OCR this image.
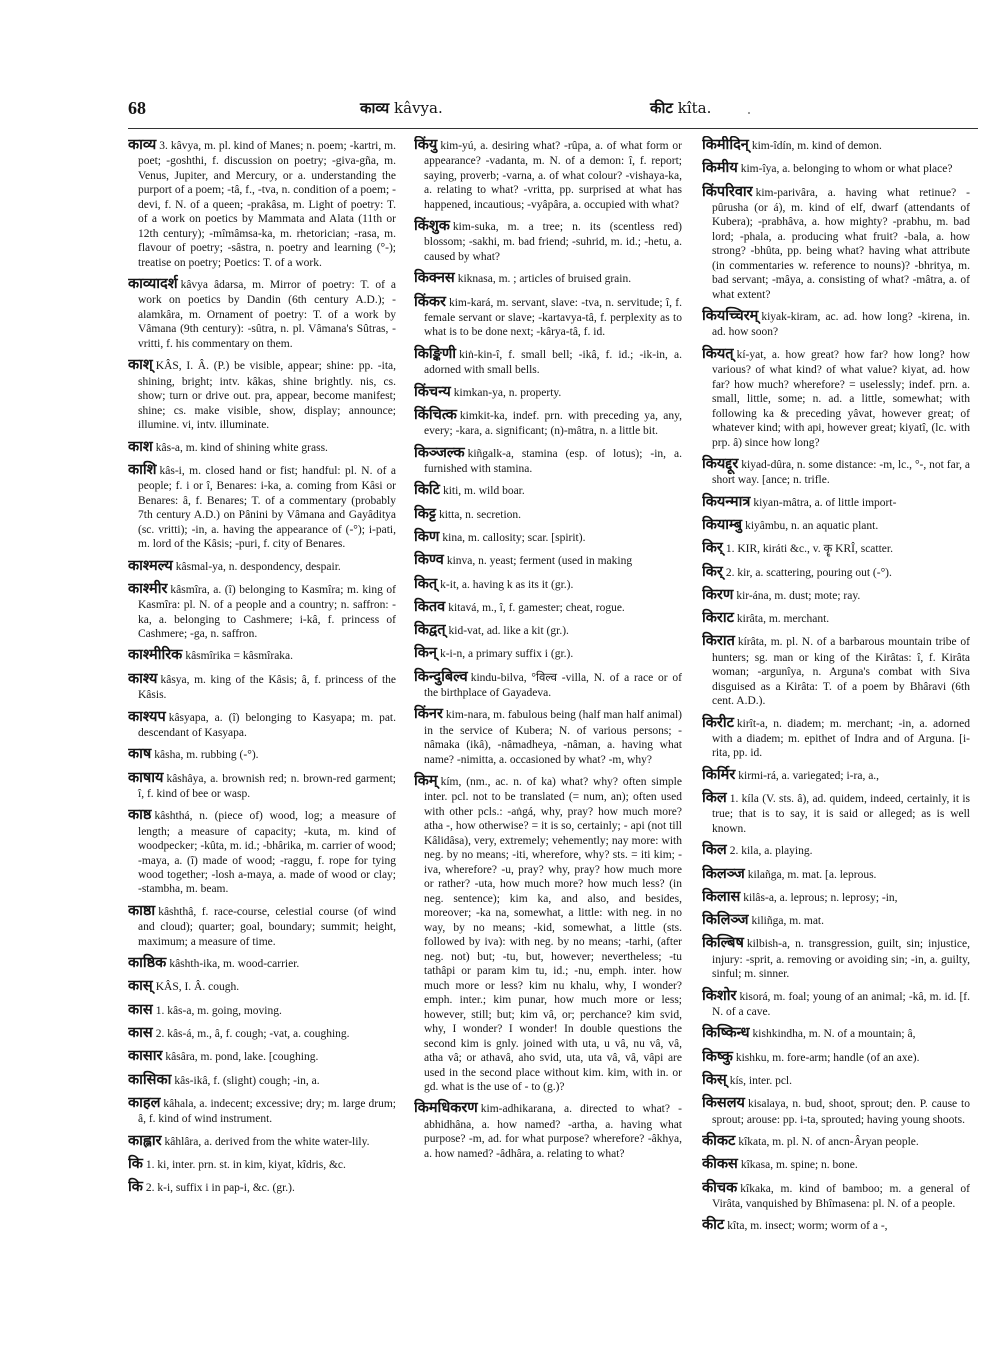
68	काव्य kâvya.	कीट kîta.
काव्य 3. kâvya, m. pl. kind of Manes; n. poem; -kartri, m. poet; -goshthi, f. discussion on poetry; -giva-gña, m. Venus, Jupiter, and Mercury, or a. understanding the purport of a poem; -tâ, f., -tva, n. condition of a poem; -devi, f. N. of a queen; -prakâsa, m. Light of poetry: T. of a work on poetics by Mammata and Alata (11th or 12th century); -mîmâmsa-ka, m. rhetorician; -rasa, m. flavour of poetry; -sâstra, n. poetry and learning (°-); treatise on poetry; Poetics: T. of a work.
काव्यादर्श kâvya âdarsa, m. Mirror of poetry: T. of a work on poetics by Dandin (6th century A.D.); -alamkâra, m. Ornament of poetry: T. of a work by Vâmana (9th century): -sûtra, n. pl. Vâmana's Sûtras, -vritti, f. his commentary on them.
काश् KÂS, I. Â. (P.) be visible, appear; shine: pp. -ita, shining, bright; intv. kâkas, shine brightly. nis, cs. show; turn or drive out. pra, appear, become manifest; shine; cs. make visible, show, display; announce; illumine. vi, intv. illuminate.
काश kâs-a, m. kind of shining white grass.
काशि kâs-i, m. closed hand or fist; handful: pl. N. of a people; f. i or î, Benares: i-ka, a. coming from Kâsi or Benares: â, f. Benares; T. of a commentary (probably 7th century A.D.) on Pânini by Vâmana and Gayâditya (sc. vritti); -in, a. having the appearance of (-°); i-pati, m. lord of the Kâsis; -puri, f. city of Benares.
काश्मल्य kâsmal-ya, n. despondency, despair.
काश्मीर kâsmîra, a. (î) belonging to Kasmîra; m. king of Kasmîra: pl. N. of a people and a country; n. saffron: -ka, a. belonging to Cashmere; i-kâ, f. princess of Cashmere; -ga, n. saffron.
काश्मीरिक kâsmîrika = kâsmîraka.
काश्य kâsya, m. king of the Kâsis; â, f. princess of the Kâsis.
काश्यप kâsyapa, a. (î) belonging to Kasyapa; m. pat. descendant of Kasyapa.
काष kâsha, m. rubbing (-°).
काषाय kâshâya, a. brownish red; n. brown-red garment; î, f. kind of bee or wasp.
काष्ठ kâshthá, n. (piece of) wood, log; a measure of length; a measure of capacity; -kuta, m. kind of woodpecker; -kûta, m. id.; -bhârika, m. carrier of wood; -maya, a. (î) made of wood; -raggu, f. rope for tying wood together; -losh a-maya, a. made of wood or clay; -stambha, m. beam.
काष्ठा kâshthâ, f. race-course, celestial course (of wind and cloud); quarter; goal, boundary; summit; height, maximum; a measure of time.
काष्ठिक kâshth-ika, m. wood-carrier.
कास् KÂS, I. Â. cough.
कास 1. kâs-a, m. going, moving.
कास 2. kâs-á, m., â, f. cough; -vat, a. coughing.
कासार kâsâra, m. pond, lake. [coughing.
कासिका kâs-ikâ, f. (slight) cough; -in, a.
काहल kâhala, a. indecent; excessive; dry; m. large drum; â, f. kind of wind instrument.
काह्लार kâhlâra, a. derived from the white water-lily.
कि 1. ki, inter. prn. st. in kim, kiyat, kîdris, &c.
कि 2. k-i, suffix i in pap-i, &c. (gr.).
किंयु kim-yú, a. desiring what? -rûpa, a. of what form or appearance? -vadanta, m. N. of a demon: î, f. report; saying, proverb; -varna, a. of what colour? -vishaya-ka, a. relating to what? -vritta, pp. surprised at what has happened, incautious; -vyâpâra, a. occupied with what?
किंशुक kim-suka, m. a tree; n. its (scentless red) blossom; -sakhi, m. bad friend; -suhrid, m. id.; -hetu, a. caused by what?
किक्नस kiknasa, m. ; articles of bruised grain.
किंकर kim-kará, m. servant, slave: -tva, n. servitude; î, f. female servant or slave; -kartavya-tâ, f. perplexity as to what is to be done next; -kârya-tâ, f. id.
किङ्किणी kiṅ-kin-î, f. small bell; -ikâ, f. id.; -ik-in, a. adorned with small bells.
किंचन्य kimkan-ya, n. property.
किंचित्क kimkit-ka, indef. prn. with preceding ya, any, every; -kara, a. significant; (n)-mâtra, n. a little bit.
किञ्जल्क kiñgalk-a, stamina (esp. of lotus); -in, a. furnished with stamina.
किटि kiti, m. wild boar.
किट्ट kitta, n. secretion.
किण kina, m. callosity; scar. [spirit).
किण्व kinva, n. yeast; ferment (used in making
कित् k-it, a. having k as its it (gr.).
कितव kitavá, m., î, f. gamester; cheat, rogue.
किद्वत् kid-vat, ad. like a kit (gr.).
किन् k-i-n, a primary suffix i (gr.).
किन्दुबिल्व kindu-bilva, °विल्व -villa, N. of a race or of the birthplace of Gayadeva.
किंनर kim-nara, m. fabulous being (half man half animal) in the service of Kubera; N. of various persons; -nâmaka (ikâ), -nâmadheya, -nâman, a. having what name? -nimitta, a. occasioned by what? -m, why?
किम् kím, (nm., ac. n. of ka) what? why? often simple inter. pcl. not to be translated (= num, an); often used with other pcls.: -aṅgá, why, pray? how much more? atha -, how otherwise? = it is so, certainly; - api (not till Kâlidâsa), very, extremely; vehemently; nay more: with neg. by no means; -iti, wherefore, why? sts. = iti kim; -iva, wherefore? -u, pray? why, pray? how much more or rather? -uta, how much more? how much less? (in neg. sentence); kim ka, and also, and besides, moreover; -ka na, somewhat, a little: with neg. in no way, by no means; -kid, somewhat, a little (sts. followed by iva): with neg. by no means; -tarhi, (after neg. not) but; -tu, but, however; nevertheless; -tu tathâpi or param kim tu, id.; -nu, emph. inter. how much more or less? kim nu khalu, why, I wonder? emph. inter.; kim punar, how much more or less; however, still; but; kim vâ, or; perchance? kim svid, why, I wonder? I wonder! In double questions the second kim is gnly. joined with uta, u vâ, nu vâ, vâ, atha vâ; or athavâ, aho svid, uta, uta vâ, vâ, vâpi are used in the second place without kim. kim, with in. or gd. what is the use of - to (g.)?
किमधिकरण kim-adhikarana, a. directed to what? -abhidhâna, a. how named? -artha, a. having what purpose? -m, ad. for what purpose? wherefore? -âkhya, a. how named? -âdhâra, a. relating to what?
किमीदिन् kim-îdín, m. kind of demon.
किमीय kim-îya, a. belonging to whom or what place?
किंपरिवार kim-parivâra, a. having what retinue? -pûrusha (or á), m. kind of elf, dwarf (attendants of Kubera); -prabhâva, a. how mighty? -prabhu, m. bad lord; -phala, a. producing what fruit? -bala, a. how strong? -bhûta, pp. being what? having what attribute (in commentaries w. reference to nouns)? -bhritya, m. bad servant; -mâya, a. consisting of what? -mâtra, a. of what extent?
कियच्चिरम् kiyak-kiram, ac. ad. how long? -kirena, in. ad. how soon?
कियत् kí-yat, a. how great? how far? how long? how various? of what kind? of what value? kiyat, ad. how far? how much? wherefore? = uselessly; indef. prn. a. small, little, some; n. ad. a little, somewhat; with following ka & preceding yâvat, however great; of whatever kind; with api, however great; kiyatî, (lc. with prp. â) since how long?
कियद्दूर kiyad-dûra, n. some distance: -m, lc., °-, not far, a short way. [ance; n. trifle.
कियन्मात्र kiyan-mâtra, a. of little import-
कियाम्बु kiyâmbu, n. an aquatic plant.
किर् 1. KIR, kiráti &c., v. कॄ KRÎ, scatter.
किर् 2. kir, a. scattering, pouring out (-°).
किरण kir-ána, m. dust; mote; ray.
किराट kirâta, m. merchant.
किरात kírâta, m. pl. N. of a barbarous mountain tribe of hunters; sg. man or king of the Kirâtas: î, f. Kirâta woman; -argunîya, n. Arguna's combat with Siva disguised as a Kirâta: T. of a poem by Bhâravi (6th cent. A.D.).
किरीट kirît-a, n. diadem; m. merchant; -in, a. adorned with a diadem; m. epithet of Indra and of Arguna. [i-rita, pp. id.
किर्मिर kirmi-rá, a. variegated; i-ra, a.,
किल 1. kíla (V. sts. â), ad. quidem, indeed, certainly, it is true; that is to say, it is said or alleged; as is well known.
किल 2. kila, a. playing.
किलञ्ज kilañga, m. mat. [a. leprous.
किलास kilâs-a, a. leprous; n. leprosy; -in,
किलिञ्ज kiliñga, m. mat.
किल्बिष kilbish-a, n. transgression, guilt, sin; injustice, injury: -sprit, a. removing or avoiding sin; -in, a. guilty, sinful; m. sinner.
किशोर kisorá, m. foal; young of an animal; -kâ, m. id. [f. N. of a cave.
किष्किन्ध kishkindha, m. N. of a mountain; â,
किष्कु kishku, m. fore-arm; handle (of an axe).
किस् kís, inter. pcl.
किसलय kisalaya, n. bud, shoot, sprout; den. P. cause to sprout; arouse: pp. i-ta, sprouted; having young shoots.
कीकट kîkata, m. pl. N. of ancn-Âryan people.
कीकस kîkasa, m. spine; n. bone.
कीचक kîkaka, m. kind of bamboo; m. a general of Virâta, vanquished by Bhîmasena: pl. N. of a people.
कीट kîta, m. insect; worm; worm of a -,
